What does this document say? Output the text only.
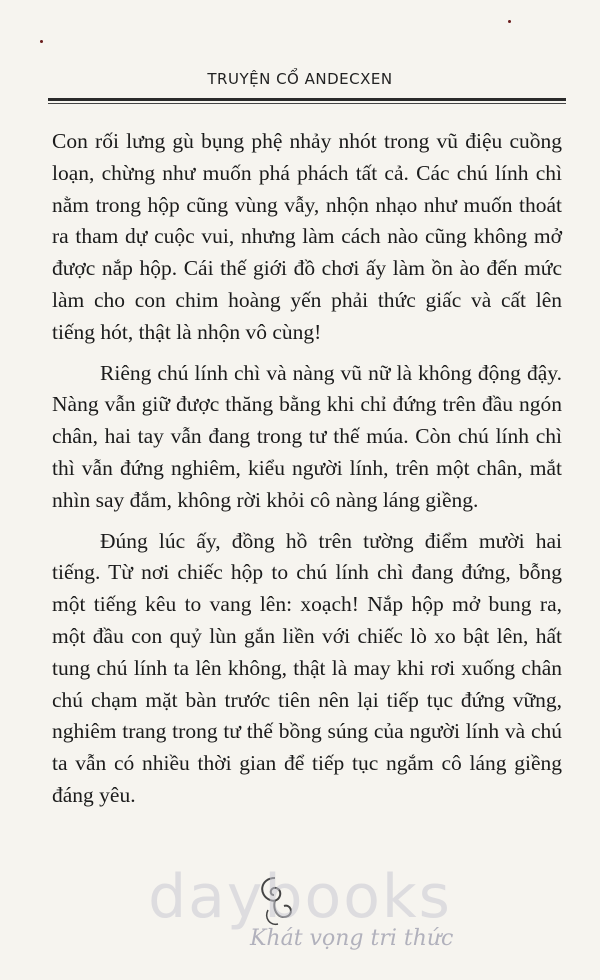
TRUYỆN CỔ ANDECXEN

Con rối lưng gù bụng phệ nhảy nhót trong vũ điệu cuồng loạn, chừng như muốn phá phách tất cả. Các chú lính chì nằm trong hộp cũng vùng vẫy, nhộn nhạo như muốn thoát ra tham dự cuộc vui, nhưng làm cách nào cũng không mở được nắp hộp. Cái thế giới đồ chơi ấy làm ồn ào đến mức làm cho con chim hoàng yến phải thức giấc và cất lên tiếng hót, thật là nhộn vô cùng!

Riêng chú lính chì và nàng vũ nữ là không động đậy. Nàng vẫn giữ được thăng bằng khi chỉ đứng trên đầu ngón chân, hai tay vẫn đang trong tư thế múa. Còn chú lính chì thì vẫn đứng nghiêm, kiểu người lính, trên một chân, mắt nhìn say đắm, không rời khỏi cô nàng láng giềng.

Đúng lúc ấy, đồng hồ trên tường điểm mười hai tiếng. Từ nơi chiếc hộp to chú lính chì đang đứng, bỗng một tiếng kêu to vang lên: xoạch! Nắp hộp mở bung ra, một đầu con quỷ lùn gắn liền với chiếc lò xo bật lên, hất tung chú lính ta lên không, thật là may khi rơi xuống chân chú chạm mặt bàn trước tiên nên lại tiếp tục đứng vững, nghiêm trang trong tư thế bồng súng của người lính và chú ta vẫn có nhiều thời gian để tiếp tục ngắm cô láng giềng đáng yêu.

daybooks
Khát vọng tri thức
